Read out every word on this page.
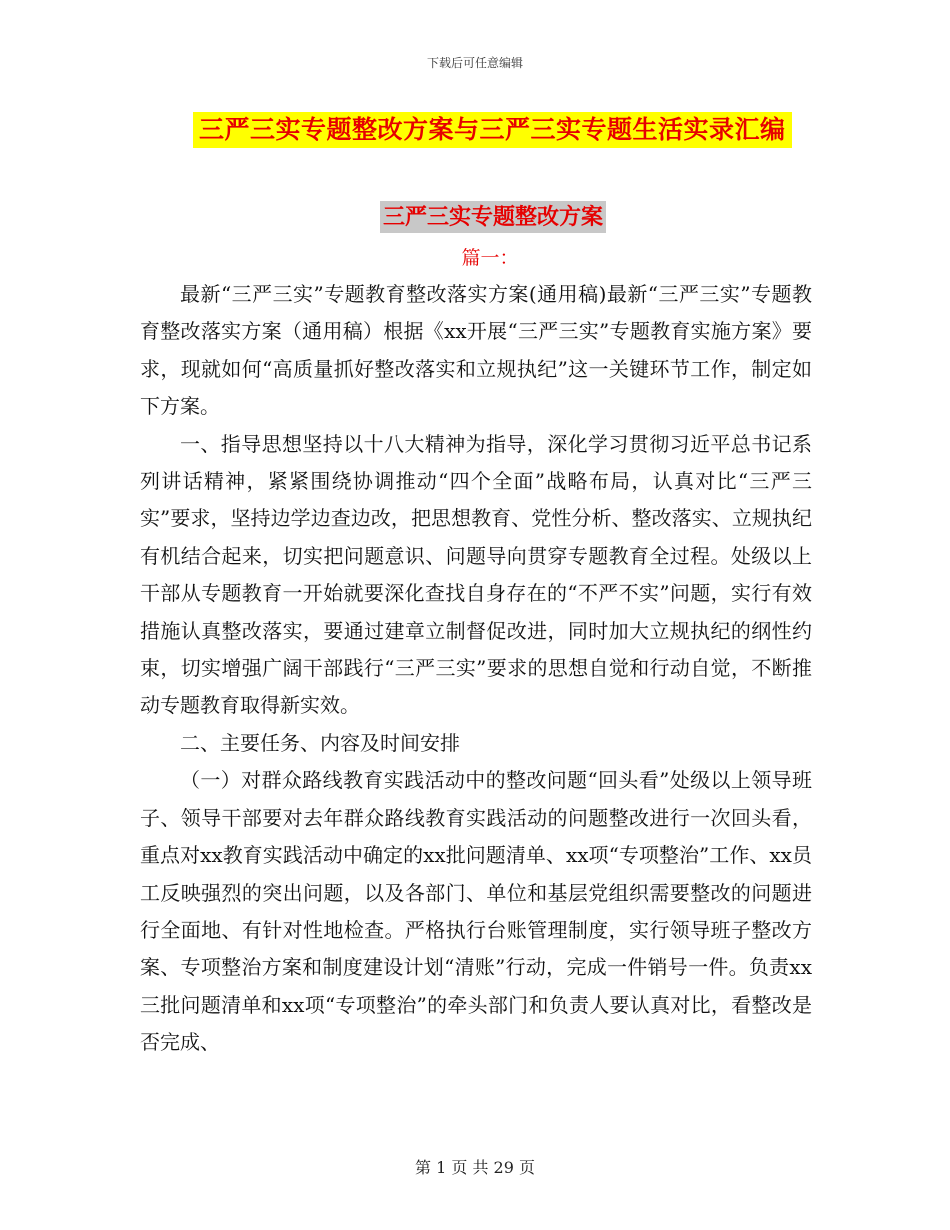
下载后可任意编辑
三严三实专题整改方案与三严三实专题生活实录汇编
三严三实专题整改方案
篇一：

最新“三严三实”专题教育整改落实方案(通用稿)最新“三严三实”专题教育整改落实方案（通用稿）根据《xx开展“三严三实”专题教育实施方案》要求，现就如何“高质量抓好整改落实和立规执纪”这一关键环节工作，制定如下方案。

一、指导思想坚持以十八大精神为指导，深化学习贯彻习近平总书记系列讲话精神，紧紧围绕协调推动“四个全面”战略布局，认真对比“三严三实”要求，坚持边学边查边改，把思想教育、党性分析、整改落实、立规执纪有机结合起来，切实把问题意识、问题导向贯穿专题教育全过程。处级以上干部从专题教育一开始就要深化查找自身存在的“不严不实”问题，实行有效措施认真整改落实，要通过建章立制督促改进，同时加大立规执纪的纲性约束，切实增强广阔干部践行“三严三实”要求的思想自觉和行动自觉，不断推动专题教育取得新实效。

二、主要任务、内容及时间安排

（一）对群众路线教育实践活动中的整改问题“回头看”处级以上领导班子、领导干部要对去年群众路线教育实践活动的问题整改进行一次回头看，重点对xx教育实践活动中确定的xx批问题清单、xx项“专项整治”工作、xx员工反映强烈的突出问题，以及各部门、单位和基层党组织需要整改的问题进行全面地、有针对性地检查。严格执行台账管理制度，实行领导班子整改方案、专项整治方案和制度建设计划“清账”行动，完成一件销号一件。负责xx三批问题清单和xx项“专项整治”的牵头部门和负责人要认真对比，看整改是否完成、

第 1 页 共 29 页
